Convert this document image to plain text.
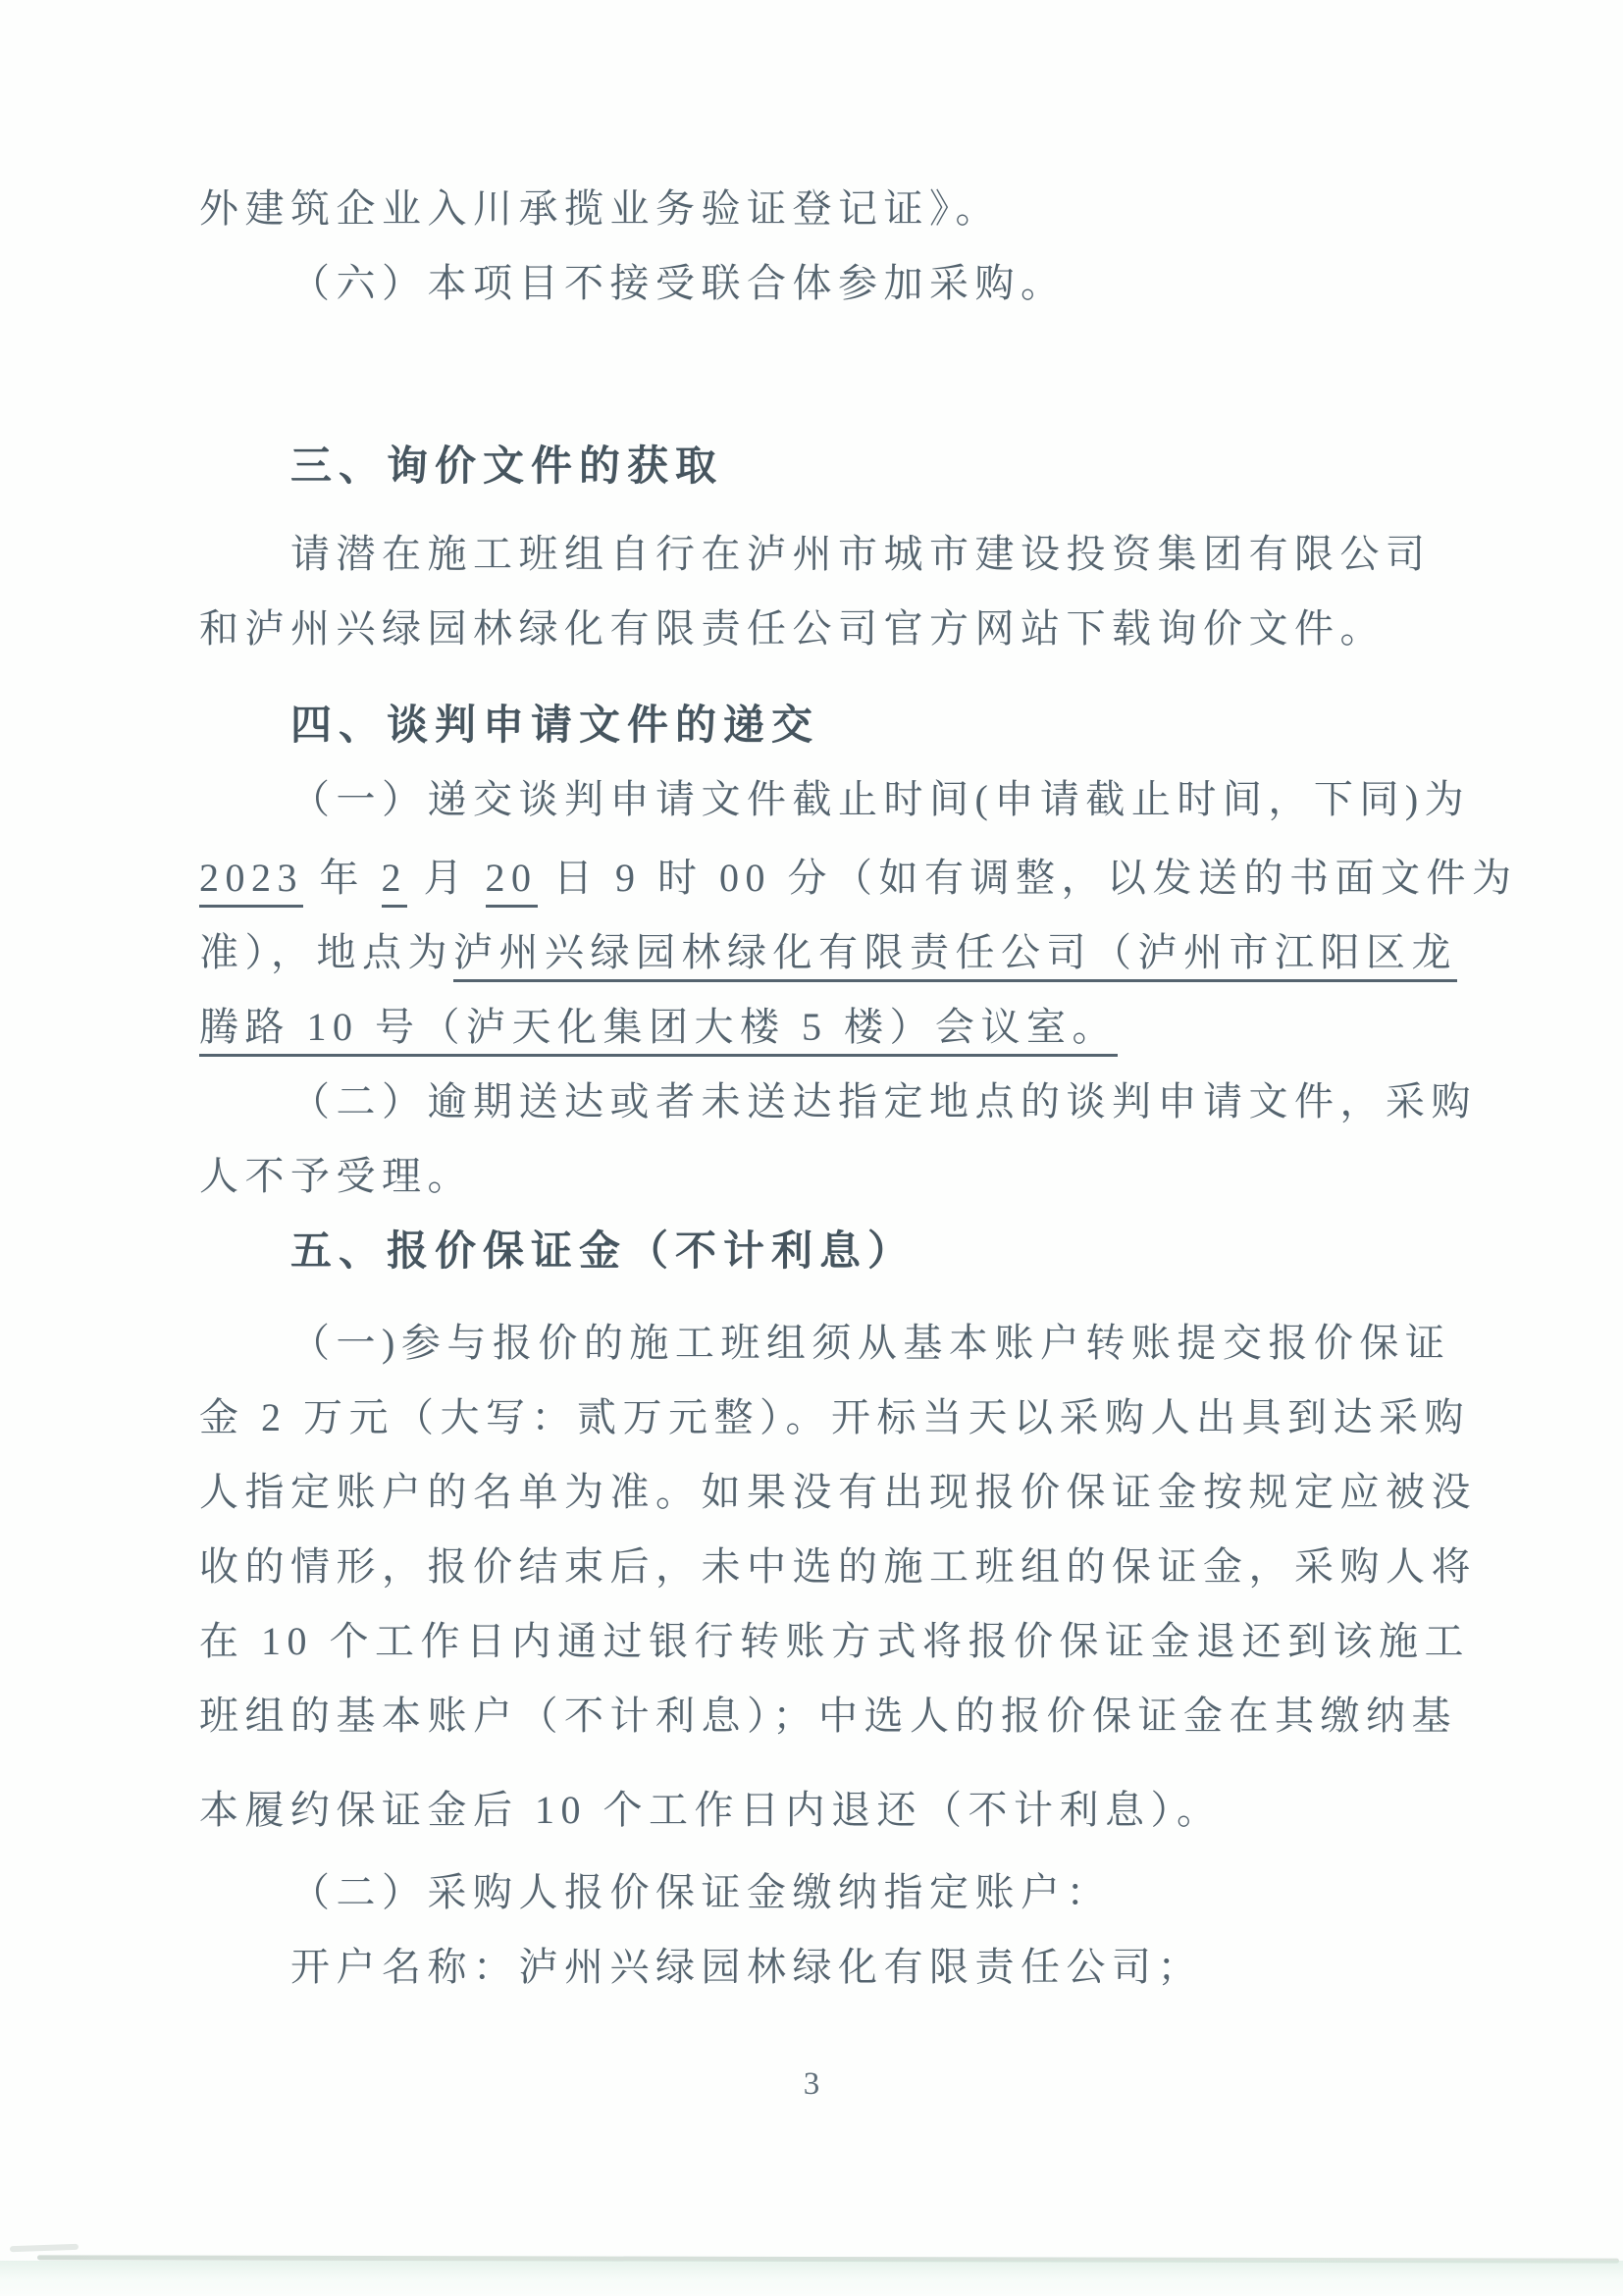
外建筑企业入川承揽业务验证登记证》。
（六）本项目不接受联合体参加采购。
三、询价文件的获取
请潜在施工班组自行在泸州市城市建设投资集团有限公司
和泸州兴绿园林绿化有限责任公司官方网站下载询价文件。
四、谈判申请文件的递交
（一）递交谈判申请文件截止时间(申请截止时间，下同)为
2023 年 2 月 20 日 9 时 00 分（如有调整，以发送的书面文件为
准），地点为泸州兴绿园林绿化有限责任公司（泸州市江阳区龙
腾路 10 号（泸天化集团大楼 5 楼）会议室。
（二）逾期送达或者未送达指定地点的谈判申请文件，采购
人不予受理。
五、报价保证金（不计利息）
（一)参与报价的施工班组须从基本账户转账提交报价保证
金 2 万元（大写：贰万元整）。开标当天以采购人出具到达采购
人指定账户的名单为准。如果没有出现报价保证金按规定应被没
收的情形，报价结束后，未中选的施工班组的保证金，采购人将
在 10 个工作日内通过银行转账方式将报价保证金退还到该施工
班组的基本账户（不计利息）；中选人的报价保证金在其缴纳基
本履约保证金后 10 个工作日内退还（不计利息）。
（二）采购人报价保证金缴纳指定账户：
开户名称：泸州兴绿园林绿化有限责任公司；
3
